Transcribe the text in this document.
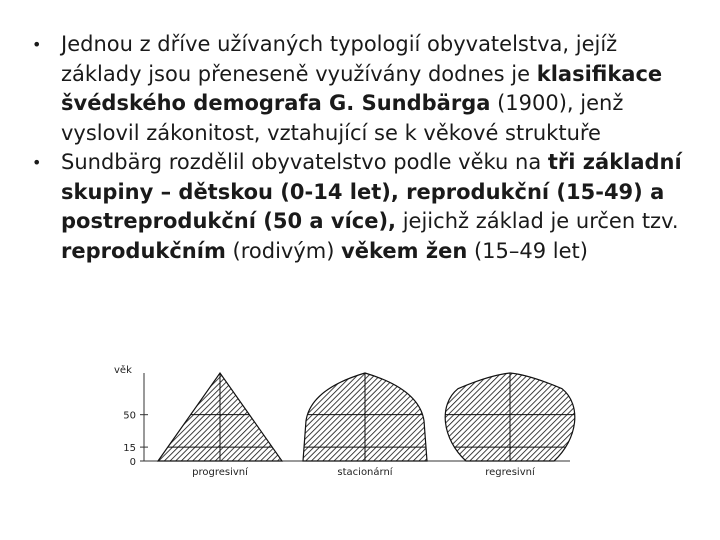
• Jednou z dříve užívaných typologií obyvatelstva, jejíž základy jsou přeneseně využívány dodnes je klasifikace švédského demografa G. Sundbärga (1900), jenž vyslovil zákonitost, vztahující se k věkové struktuře
• Sundbärg rozdělil obyvatelstvo podle věku na tři základní skupiny – dětskou (0-14 let), reprodukční (15-49) a postreprodukční (50 a více), jejichž základ je určen tzv. reprodukčním (rodivým) věkem žen (15–49 let)
věk
50
15
0
progresivní	stacionární	regresivní
